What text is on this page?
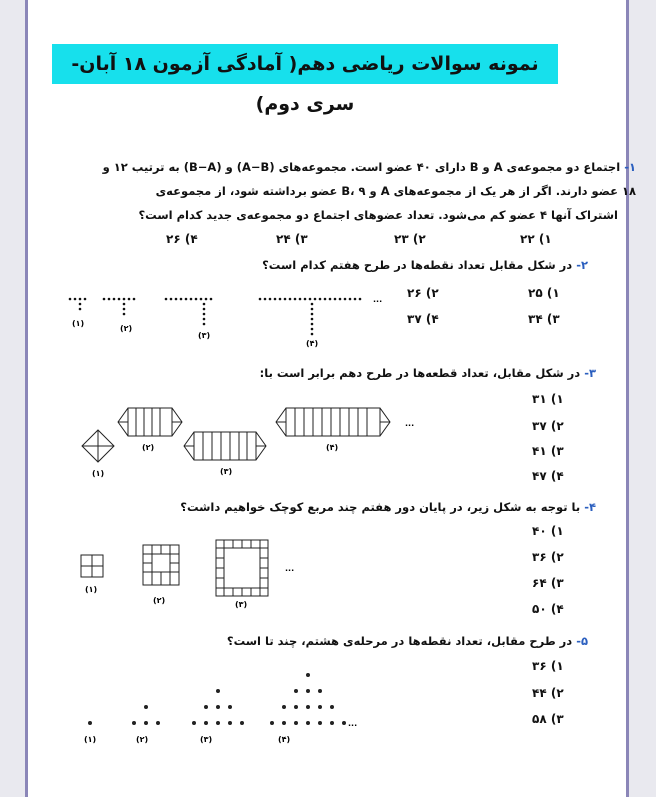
نمونه سوالات ریاضی دهم( آمادگی آزمون ۱۸ آبان-سری دوم)
۱- اجتماع دو مجموعه‌ی A و B دارای ۴۰ عضو است. مجموعه‌های (A−B) و (B−A) به ترتیب ۱۲ و
۱۸ عضو دارند. اگر از هر یک از مجموعه‌های A و B، ۹ عضو برداشته شود، از مجموعه‌ی
اشتراک آنها ۴ عضو کم می‌شود. تعداد عضوهای اجتماع دو مجموعه‌ی جدید کدام است؟
۱) ۲۲
۲) ۲۳
۳) ۲۴
۴) ۲۶
۲- در شکل مقابل تعداد نقطه‌ها در طرح هفتم کدام است؟
۱) ۲۵
۲) ۲۶
۳) ۳۴
۴) ۳۷
...
(۱)
(۲)
(۳)
(۴)
۳- در شکل مقابل، تعداد قطعه‌ها در طرح دهم برابر است با:
۱) ۳۱
۲) ۳۷
۳) ۴۱
۴) ۴۷
...
(۱)
(۲)
(۳)
(۴)
۴- با توجه به شکل زیر، در پایان دور هفتم چند مربع کوچک خواهیم داشت؟
۱) ۴۰
۲) ۳۶
۳) ۶۴
۴) ۵۰
...
(۱)
(۲)	(۳)
۵- در طرح مقابل، تعداد نقطه‌ها در مرحله‌ی هشتم، چند تا است؟
۱) ۳۶
۲) ۴۴
۳) ۵۸
...
(۱)	(۲)	(۳)	(۴)
